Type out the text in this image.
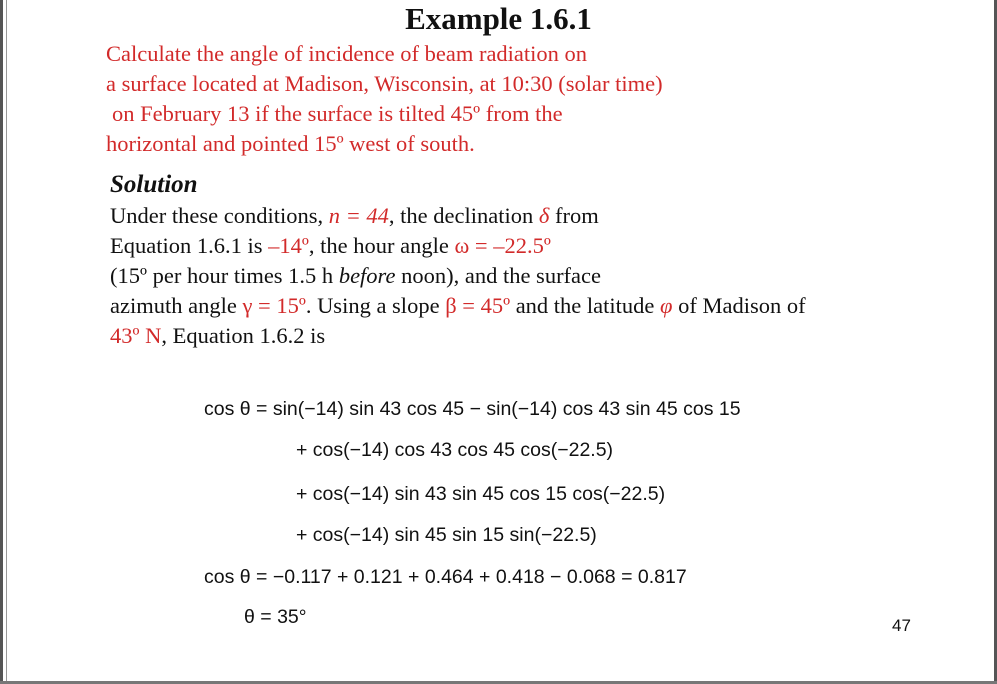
Example 1.6.1
Calculate the angle of incidence of beam radiation on
a surface located at Madison, Wisconsin, at 10:30 (solar time)
on February 13 if the surface is tilted 45º from the
horizontal and pointed 15º west of south.
Solution
Under these conditions, n = 44, the declination δ from
Equation 1.6.1 is –14º, the hour angle ω = –22.5º
(15º per hour times 1.5 h before noon), and the surface
azimuth angle γ = 15º. Using a slope β = 45º and the latitude φ of Madison of
43º N, Equation 1.6.2 is
cos θ = sin(−14) sin 43 cos 45 − sin(−14) cos 43 sin 45 cos 15
+ cos(−14) cos 43 cos 45 cos(−22.5)
+ cos(−14) sin 43 sin 45 cos 15 cos(−22.5)
+ cos(−14) sin 45 sin 15 sin(−22.5)
cos θ = −0.117 + 0.121 + 0.464 + 0.418 − 0.068 = 0.817
θ = 35°	47
